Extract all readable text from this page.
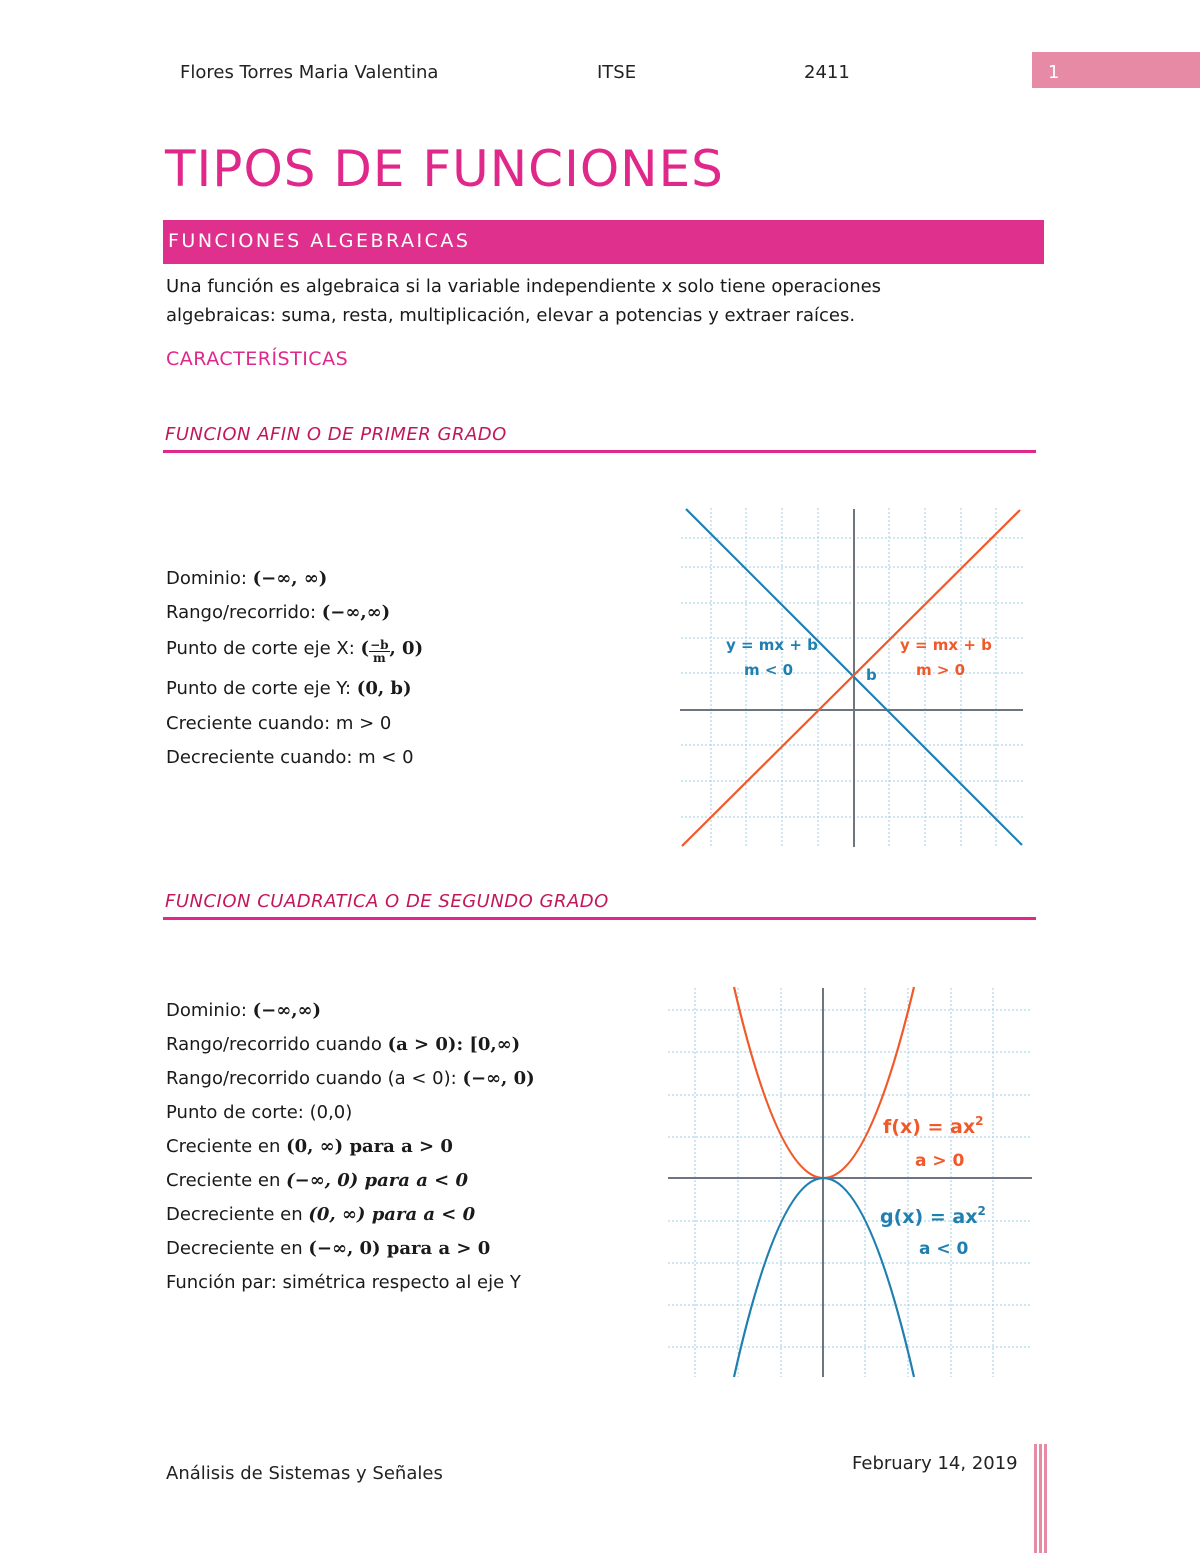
Flores Torres Maria Valentina	ITSE	2411	1
TIPOS DE FUNCIONES
FUNCIONES ALGEBRAICAS
Una función es algebraica si la variable independiente x solo tiene operaciones
algebraicas: suma, resta, multiplicación, elevar a potencias y extraer raíces.
CARACTERÍSTICAS
FUNCION AFIN O DE PRIMER GRADO
Dominio: (−∞, ∞)
Rango/recorrido: (−∞,∞)
Punto de corte eje X: ( $\frac{-b}{m}$ , 0)
Punto de corte eje Y: (0, b)
Creciente cuando: m > 0
Decreciente cuando: m < 0
y = mx + b
m < 0
y = mx + b
m > 0
b
FUNCION CUADRATICA O DE SEGUNDO GRADO
Dominio: (−∞,∞)
Rango/recorrido cuando (a > 0): [0,∞)
Rango/recorrido cuando (a < 0): (−∞, 0)
Punto de corte: (0,0)
Creciente en (0, ∞) para a > 0
Creciente en (−∞, 0) para a < 0
Decreciente en (0, ∞) para a < 0
Decreciente en (−∞, 0) para a > 0
Función par: simétrica respecto al eje Y
$f(x) = ax^2$
a > 0
$g(x) = ax^2$
a < 0
Análisis de Sistemas y Señales	February 14, 2019
